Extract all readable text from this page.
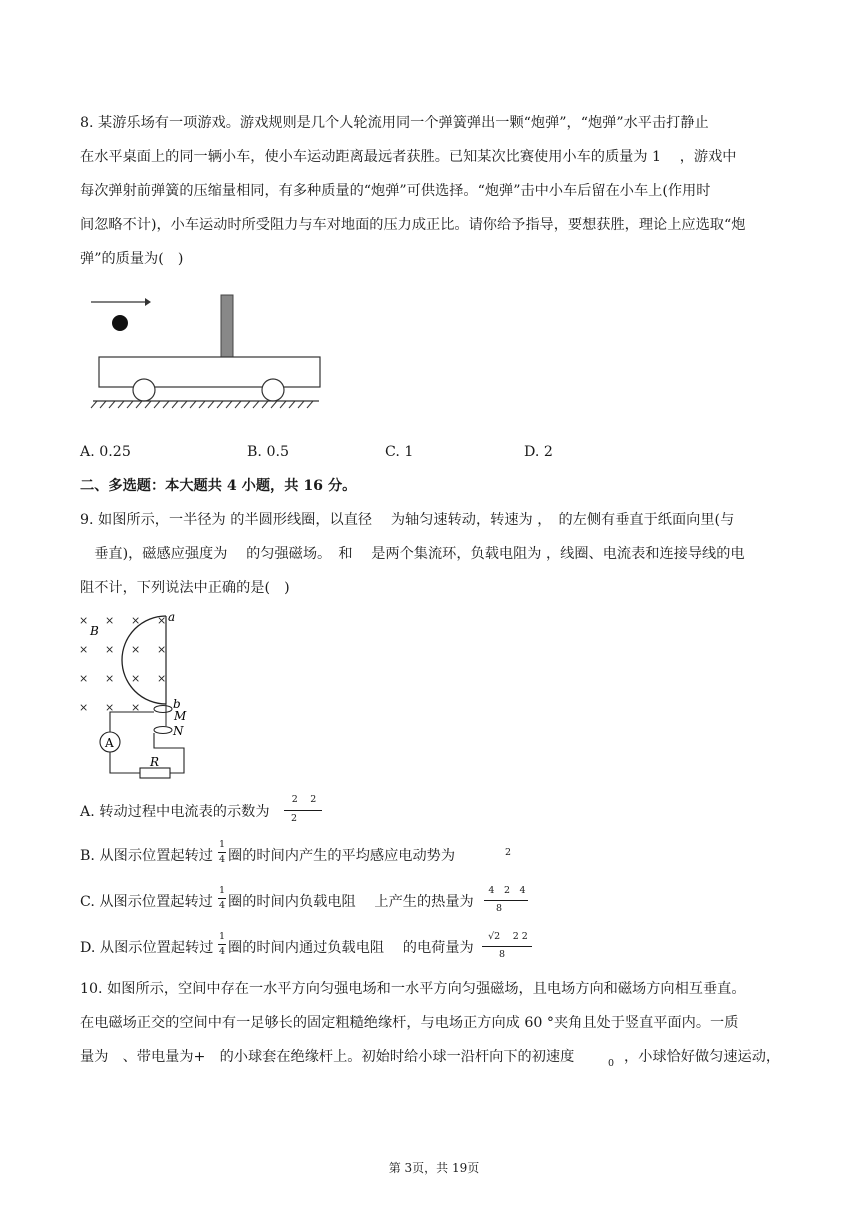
8. 某游乐场有一项游戏。游戏规则是几个人轮流用同一个弹簧弹出一颗“炮弹”，“炮弹”水平击打静止
在水平桌面上的同一辆小车，使小车运动距离最远者获胜。已知某次比赛使用小车的质量为 1 　，游戏中
每次弹射前弹簧的压缩量相同，有多种质量的“炮弹”可供选择。“炮弹”击中小车后留在小车上(作用时
间忽略不计)，小车运动时所受阻力与车对地面的压力成正比。请你给予指导，要想获胜，理论上应选取“炮
弹”的质量为(　)
A. 0.25	B. 0.5	C. 1	D. 2
二、多选题：本大题共 4 小题，共 16 分。
9. 如图所示，一半径为 的半圆形线圈，以直径 　为轴匀速转动，转速为 ，　的左侧有垂直于纸面向里(与
　垂直)，磁感应强度为 　的匀强磁场。　和 　是两个集流环，负载电阻为 ，线圈、电流表和连接导线的电
阻不计，下列说法中正确的是(　)
× × × ×
× × × ×
× × × ×
× × ×
B
a
b
M
N
A
R
A. 转动过程中电流表的示数为
2　 2
2
B. 从图示位置起转过
1
4 圈的时间内产生的平均感应电动势为	2
C. 从图示位置起转过
1
4 圈的时间内负载电阻 　上产生的热量为
4　2　4
8
D. 从图示位置起转过
1
4 圈的时间内通过负载电阻 　的电荷量为
√2　 2 2
8
10. 如图所示，空间中存在一水平方向匀强电场和一水平方向匀强磁场，且电场方向和磁场方向相互垂直。
在电磁场正交的空间中有一足够长的固定粗糙绝缘杆，与电场正方向成 60 °夹角且处于竖直平面内。一质
量为　、带电量为+　的小球套在绝缘杆上。初始时给小球一沿杆向下的初速度	0 ，小球恰好做匀速运动，
第 3页，共 19页
